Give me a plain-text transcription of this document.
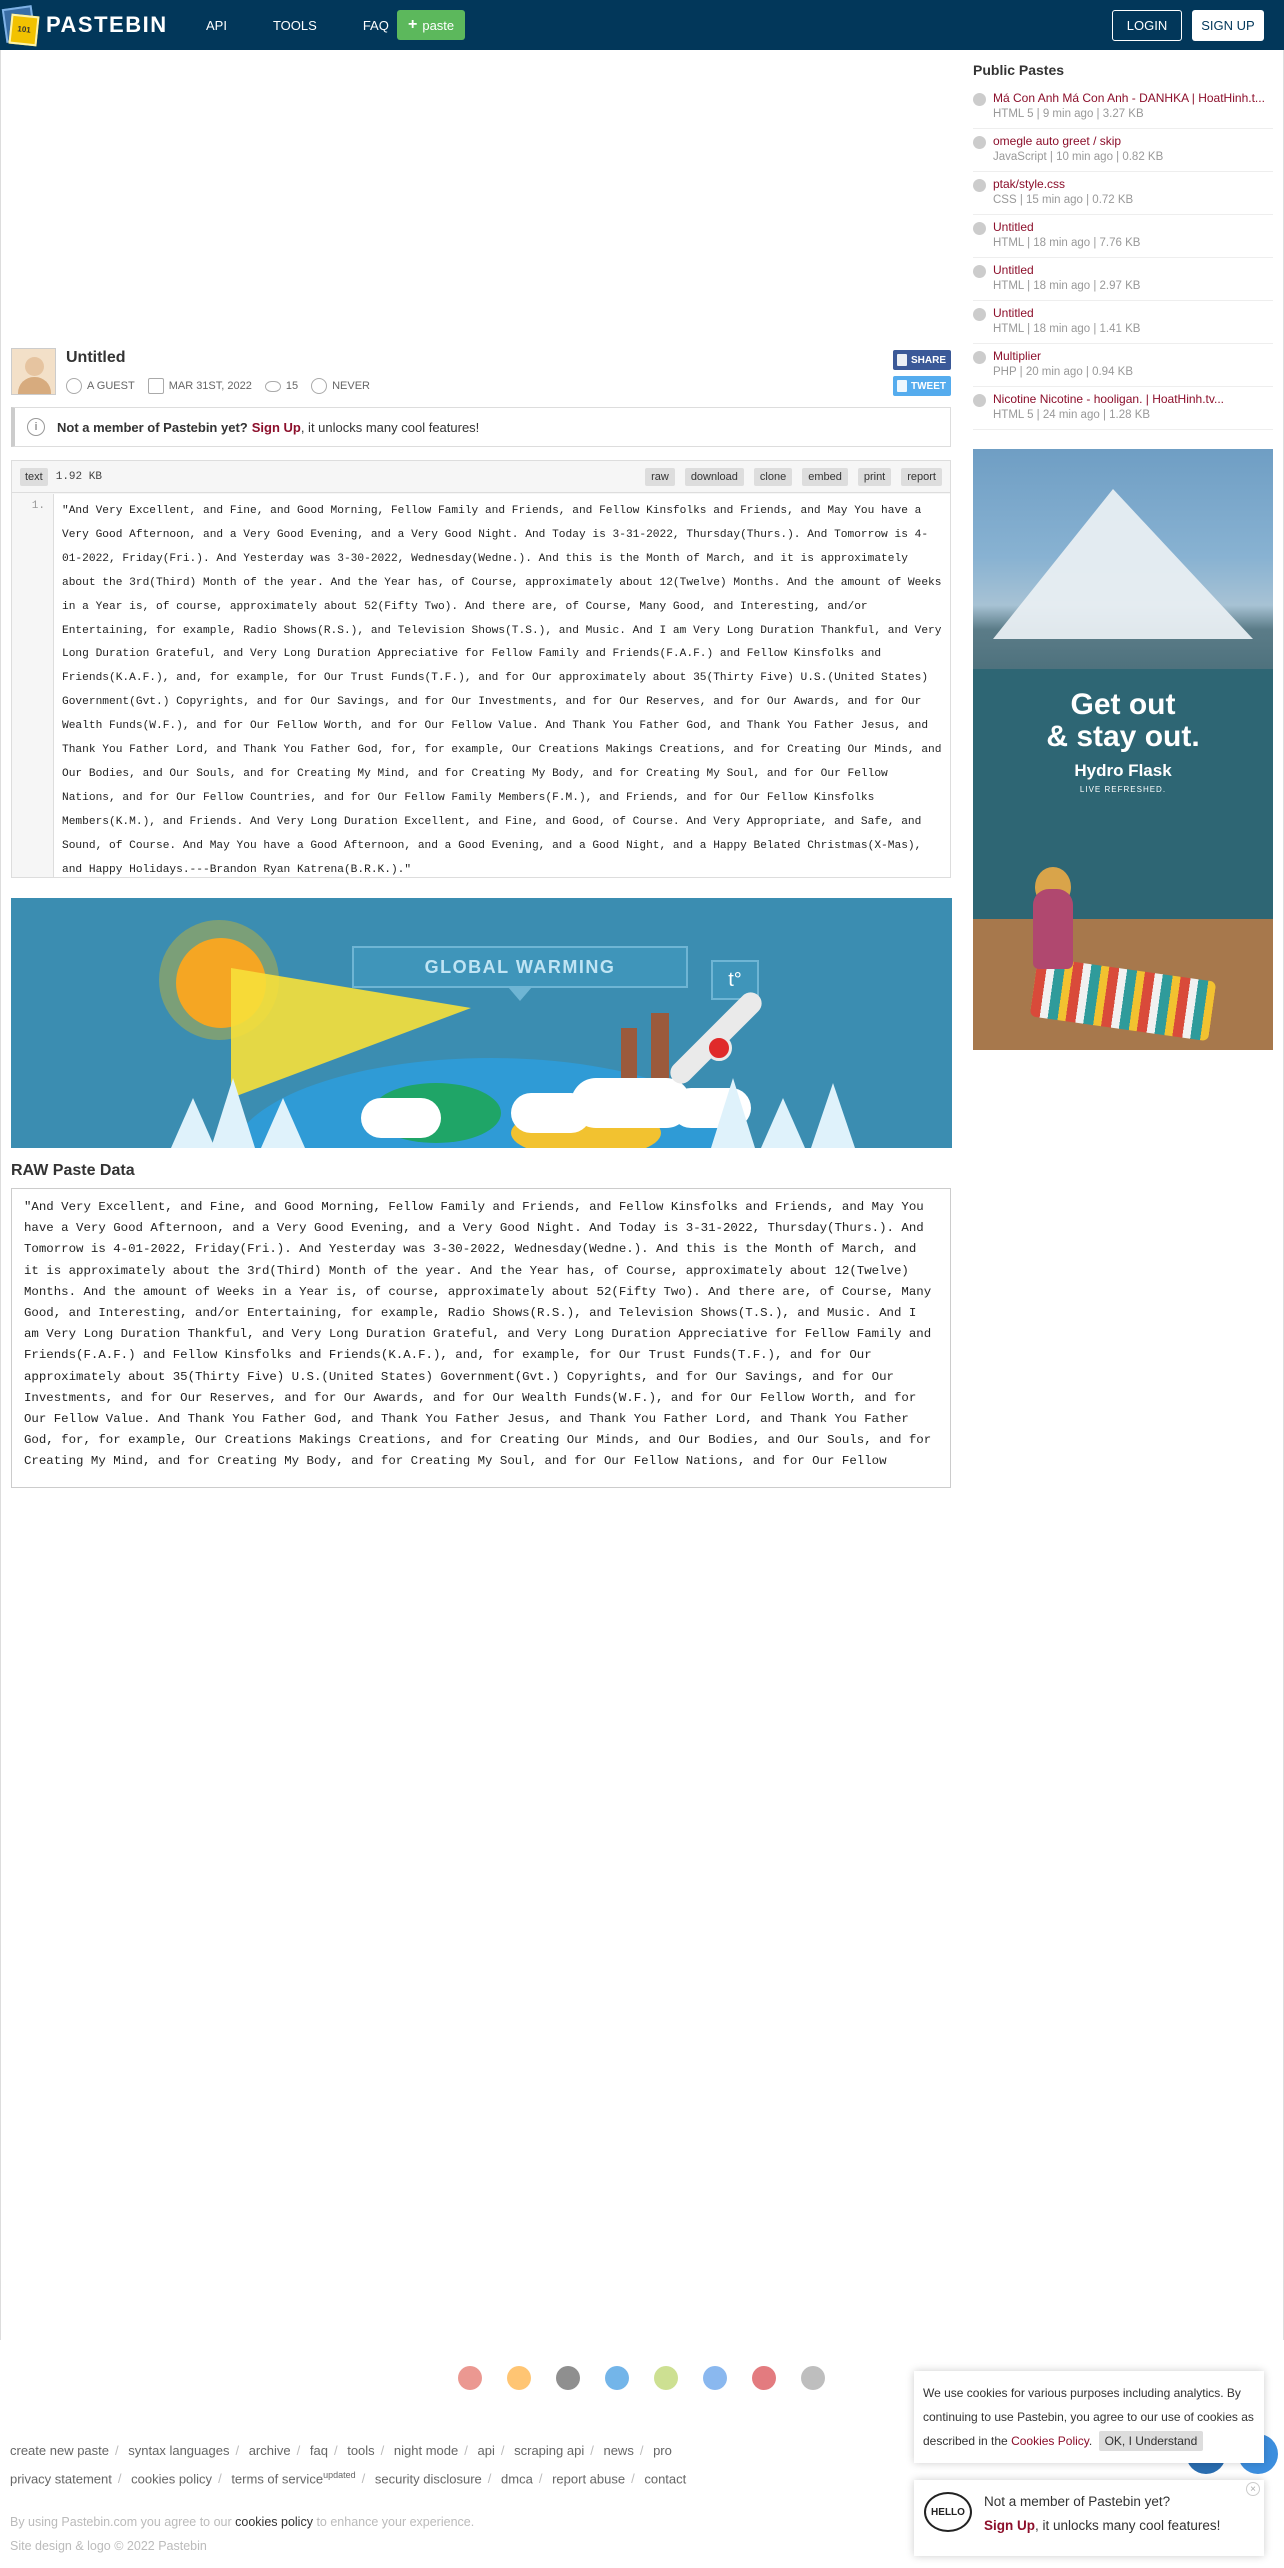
101 PASTEBIN	API	TOOLS	FAQ + paste	LOGIN	SIGN UP
Untitled
A GUEST	MAR 31ST, 2022	15	NEVER
SHARE
TWEET
i	Not a member of Pastebin yet? Sign Up , it unlocks many cool features!
text	1.92 KB	raw	download	clone	embed	print	report
1.	"And Very Excellent, and Fine, and Good Morning, Fellow Family and Friends, and Fellow Kinsfolks and Friends, and May You have a Very Good Afternoon, and a Very Good Evening, and a Very Good Night. And Today is 3-31-2022, Thursday(Thurs.). And Tomorrow is 4-01-2022, Friday(Fri.). And Yesterday was 3-30-2022, Wednesday(Wedne.). And this is the Month of March, and it is approximately about the 3rd(Third) Month of the year. And the Year has, of Course, approximately about 12(Twelve) Months. And the amount of Weeks in a Year is, of course, approximately about 52(Fifty Two). And there are, of Course, Many Good, and Interesting, and/or Entertaining, for example, Radio Shows(R.S.), and Television Shows(T.S.), and Music. And I am Very Long Duration Thankful, and Very Long Duration Grateful, and Very Long Duration Appreciative for Fellow Family and Friends(F.A.F.) and Fellow Kinsfolks and Friends(K.A.F.), and, for example, for Our Trust Funds(T.F.), and for Our approximately about 35(Thirty Five) U.S.(United States) Government(Gvt.) Copyrights, and for Our Savings, and for Our Investments, and for Our Reserves, and for Our Awards, and for Our Wealth Funds(W.F.), and for Our Fellow Worth, and for Our Fellow Value. And Thank You Father God, and Thank You Father Jesus, and Thank You Father Lord, and Thank You Father God, for, for example, Our Creations Makings Creations, and for Creating Our Minds, and Our Bodies, and Our Souls, and for Creating My Mind, and for Creating My Body, and for Creating My Soul, and for Our Fellow Nations, and for Our Fellow Countries, and for Our Fellow Family Members(F.M.), and Friends, and for Our Fellow Kinsfolks Members(K.M.), and Friends. And Very Long Duration Excellent, and Fine, and Good, of Course. And Very Appropriate, and Safe, and Sound, of Course. And May You have a Good Afternoon, and a Good Evening, and a Good Night, and a Happy Belated Christmas(X-Mas), and Happy Holidays.---Brandon Ryan Katrena(B.R.K.)."
GLOBAL WARMING
t°
RAW Paste Data
"And Very Excellent, and Fine, and Good Morning, Fellow Family and Friends, and Fellow Kinsfolks and Friends, and May You have a Very Good Afternoon, and a Very Good Evening, and a Very Good Night. And Today is 3-31-2022, Thursday(Thurs.). And Tomorrow is 4-01-2022, Friday(Fri.). And Yesterday was 3-30-2022, Wednesday(Wedne.). And this is the Month of March, and it is approximately about the 3rd(Third) Month of the year. And the Year has, of Course, approximately about 12(Twelve) Months. And the amount of Weeks in a Year is, of course, approximately about 52(Fifty Two). And there are, of Course, Many Good, and Interesting, and/or Entertaining, for example, Radio Shows(R.S.), and Television Shows(T.S.), and Music. And I am Very Long Duration Thankful, and Very Long Duration Grateful, and Very Long Duration Appreciative for Fellow Family and Friends(F.A.F.) and Fellow Kinsfolks and Friends(K.A.F.), and, for example, for Our Trust Funds(T.F.), and for Our approximately about 35(Thirty Five) U.S.(United States) Government(Gvt.) Copyrights, and for Our Savings, and for Our Investments, and for Our Reserves, and for Our Awards, and for Our Wealth Funds(W.F.), and for Our Fellow Worth, and for Our Fellow Value. And Thank You Father God, and Thank You Father Jesus, and Thank You Father Lord, and Thank You Father God, for, for example, Our Creations Makings Creations, and for Creating Our Minds, and Our Bodies, and Our Souls, and for Creating My Mind, and for Creating My Body, and for Creating My Soul, and for Our Fellow Nations, and for Our Fellow
Public Pastes
Má Con Anh Má Con Anh - DANHKA | HoatHinh.t...
HTML 5 | 9 min ago | 3.27 KB
omegle auto greet / skip
JavaScript | 10 min ago | 0.82 KB
ptak/style.css
CSS | 15 min ago | 0.72 KB
Untitled
HTML | 18 min ago | 7.76 KB
Untitled
HTML | 18 min ago | 2.97 KB
Untitled
HTML | 18 min ago | 1.41 KB
Multiplier
PHP | 20 min ago | 0.94 KB
Nicotine Nicotine - hooligan. | HoatHinh.tv...
HTML 5 | 24 min ago | 1.28 KB
Get out
& stay out.
Hydro Flask
LIVE REFRESHED.
create new paste / syntax languages / archive / faq / tools / night mode / api / scraping api / news / pro
privacy statement / cookies policy / terms of service$^{updated}$ / security disclosure / dmca / report abuse / contact
By using Pastebin.com you agree to our cookies policy to enhance your experience.
Site design & logo © 2022 Pastebin
We use cookies for various purposes including analytics. By continuing to use Pastebin, you agree to our use of cookies as described in the Cookies Policy. OK, I Understand
HELLO
Not a member of Pastebin yet?
Sign Up, it unlocks many cool features!
×
